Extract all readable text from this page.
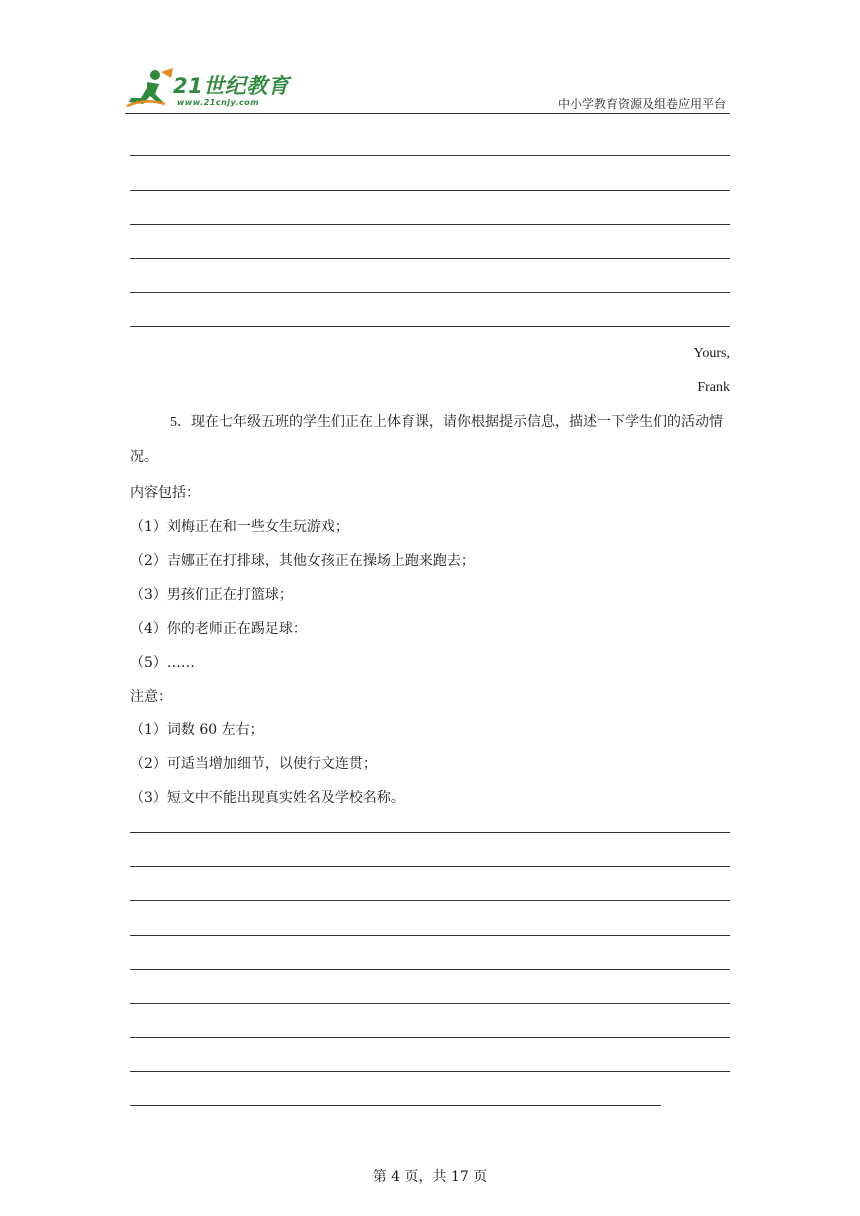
21世纪教育
www.21cnjy.com	中小学教育资源及组卷应用平台
Yours,
Frank
5．现在七年级五班的学生们正在上体育课，请你根据提示信息，描述一下学生们的活动情况。
内容包括：
（1）刘梅正在和一些女生玩游戏；
（2）吉娜正在打排球，其他女孩正在操场上跑来跑去；
（3）男孩们正在打篮球；
（4）你的老师正在踢足球：
（5）……
注意：
（1）词数 60 左右；
（2）可适当增加细节，以使行文连贯；
（3）短文中不能出现真实姓名及学校名称。
第 4 页，共 17 页
